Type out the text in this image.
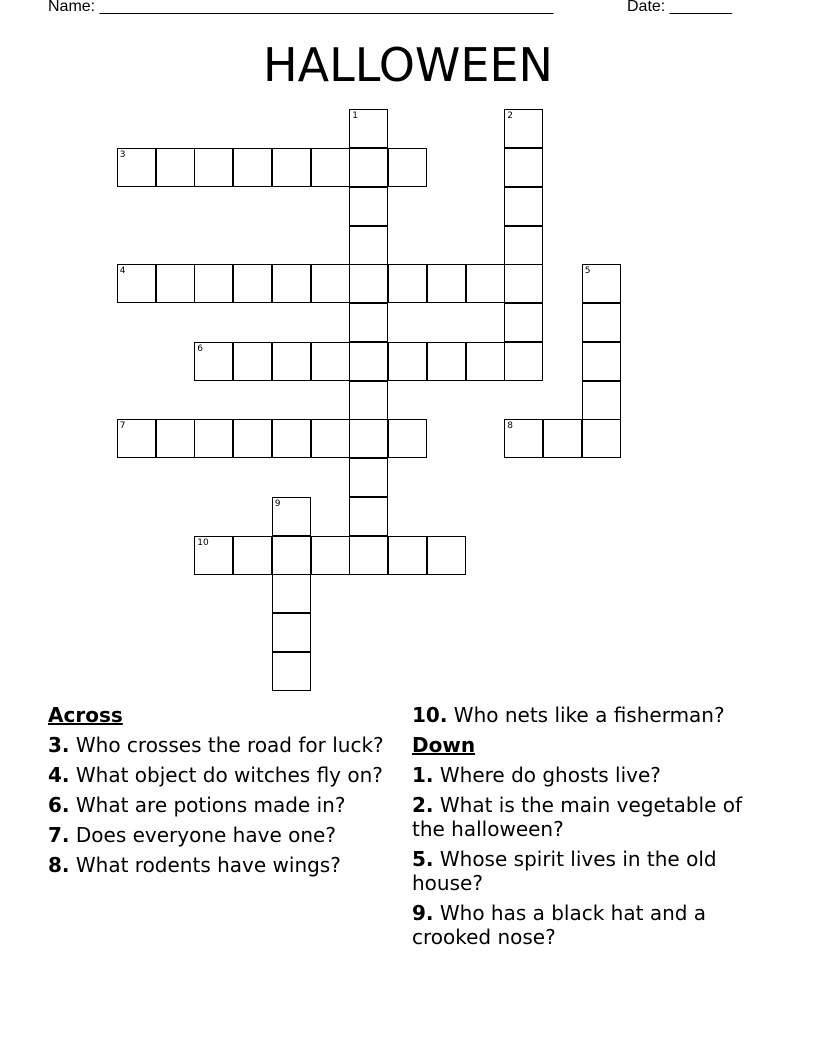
Name: ___________________________________________________	Date: _______
HALLOWEEN
1	2
3
4	5
6
7	8
9
10
Across
3. Who crosses the road for luck?
4. What object do witches fly on?
6. What are potions made in?
7. Does everyone have one?
8. What rodents have wings?
10. Who nets like a fisherman?
Down
1. Where do ghosts live?
2. What is the main vegetable of the halloween?
5. Whose spirit lives in the old house?
9. Who has a black hat and a crooked nose?
